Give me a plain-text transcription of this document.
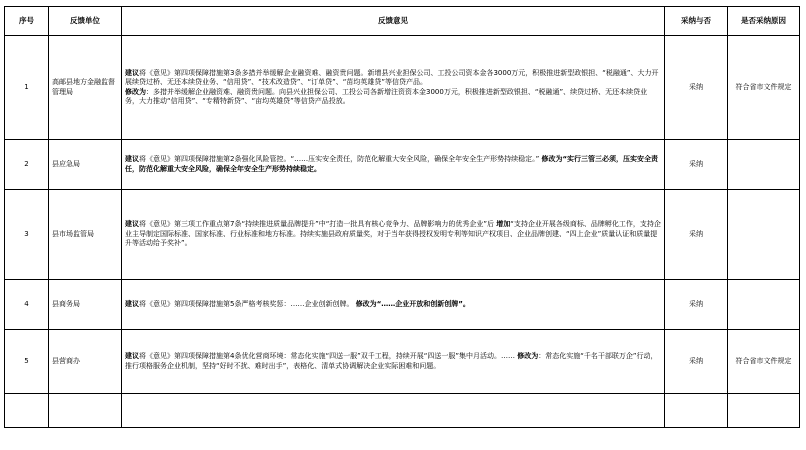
序号	反馈单位	反馈意见	采纳与否	是否采纳原因
1	高邮县地方金融监督管理局	建议将《意见》第四项保障措施第3条多措并举缓解企业融资难、融资贵问题。新增县兴业担保公司、工投公司资本金各3000万元，积极推进新型政银担、“税融通”、大力开展续贷过桥、无还本续贷业务、“信用贷”、“技术改造贷”、“订单贷”、“苗均英雄贷”等信贷产品。
修改为：多措并举缓解企业融资难、融资贵问题。向县兴业担保公司、工投公司各新增注资资本金3000万元，积极推进新型政银担、“税融通”、续贷过桥、无还本续贷业务，大力推动“信用贷”、“专精特新贷”、“亩均英雄贷”等信贷产品投放。	采纳	符合省市文件规定
2	县应急局	建议将《意见》第四项保障措施第2条强化风险管控。“……压实安全责任，防范化解重大安全风险，确保全年安全生产形势持续稳定。” 修改为“实行三管三必须，压实安全责任，防范化解重大安全风险，确保全年安全生产形势持续稳定。	采纳	
3	县市场监管局	建议将《意见》第三项工作重点第7条“持续推进质量品牌提升”中“打造一批具有核心竞争力、品牌影响力的优秀企业”后 增加“支持企业开展各级商标、品牌孵化工作，支持企业主导制定国际标准、国家标准、行业标准和地方标准。持续实施县政府质量奖，对于当年获得授权发明专利等知识产权项目、企业品牌创建、“四上企业”质量认证和质量提升等活动给予奖补”。	采纳	
4	县商务局	建议将《意见》第四项保障措施第5条严格考核奖惩：……企业创新创牌。 修改为“……企业开放和创新创牌”。	采纳	
5	县营商办	建议将《意见》第四项保障措施第4条优化营商环境：常态化实施“四送一服”双千工程，持续开展“四送一服”集中月活动。…… 修改为：常态化实施“千名干部联万企”行动，推行项格服务企业机制，坚持“好时不扰、难时出手”，表格化、清单式协调解决企业实际困难和问题。	采纳	符合省市文件规定
